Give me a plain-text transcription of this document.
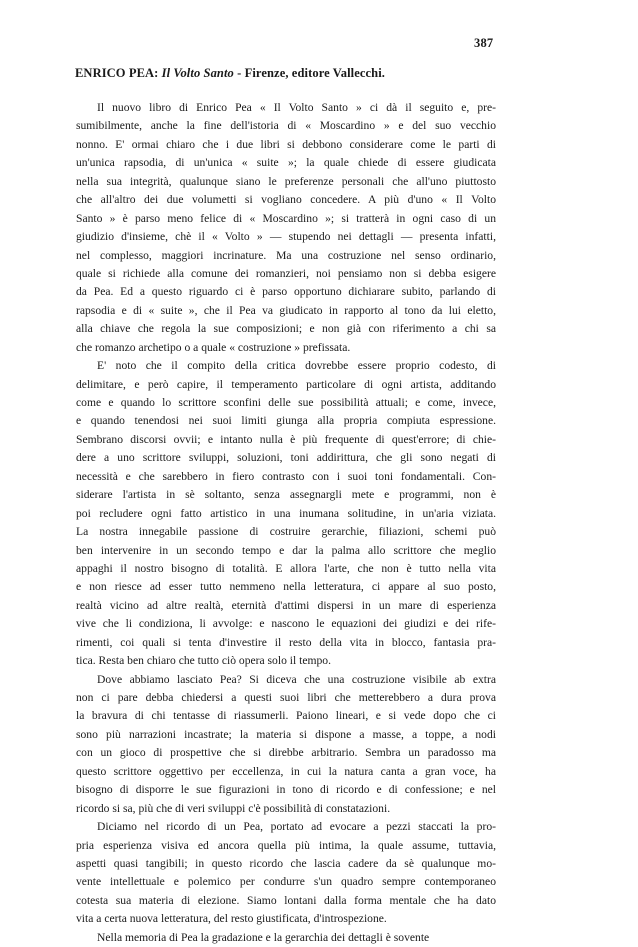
387
ENRICO PEA: Il Volto Santo - Firenze, editore Vallecchi.
Il nuovo libro di Enrico Pea « Il Volto Santo » ci dà il seguito e, pre-
sumibilmente, anche la fine dell'istoria di « Moscardino » e del suo vecchio
nonno. E' ormai chiaro che i due libri si debbono considerare come le parti di
un'unica rapsodia, di un'unica « suite »; la quale chiede di essere giudicata
nella sua integrità, qualunque siano le preferenze personali che all'uno piuttosto
che all'altro dei due volumetti si vogliano concedere. A più d'uno « Il Volto
Santo » è parso meno felice di « Moscardino »; si tratterà in ogni caso di un
giudizio d'insieme, chè il « Volto » — stupendo nei dettagli — presenta infatti,
nel complesso, maggiori incrinature. Ma una costruzione nel senso ordinario,
quale si richiede alla comune dei romanzieri, noi pensiamo non si debba esigere
da Pea. Ed a questo riguardo ci è parso opportuno dichiarare subito, parlando di
rapsodia e di « suite », che il Pea va giudicato in rapporto al tono da lui eletto,
alla chiave che regola la sue composizioni; e non già con riferimento a chi sa
che romanzo archetipo o a quale « costruzione » prefissata.
E' noto che il compito della critica dovrebbe essere proprio codesto, di
delimitare, e però capire, il temperamento particolare di ogni artista, additando
come e quando lo scrittore sconfini delle sue possibilità attuali; e come, invece,
e quando tenendosi nei suoi limiti giunga alla propria compiuta espressione.
Sembrano discorsi ovvii; e intanto nulla è più frequente di quest'errore; di chie-
dere a uno scrittore sviluppi, soluzioni, toni addirittura, che gli sono negati di
necessità e che sarebbero in fiero contrasto con i suoi toni fondamentali. Con-
siderare l'artista in sè soltanto, senza assegnargli mete e programmi, non è
poi recludere ogni fatto artistico in una inumana solitudine, in un'aria viziata.
La nostra innegabile passione di costruire gerarchie, filiazioni, schemi può
ben intervenire in un secondo tempo e dar la palma allo scrittore che meglio
appaghi il nostro bisogno di totalità. E allora l'arte, che non è tutto nella vita
e non riesce ad esser tutto nemmeno nella letteratura, ci appare al suo posto,
realtà vicino ad altre realtà, eternità d'attimi dispersi in un mare di esperienza
vive che li condiziona, li avvolge: e nascono le equazioni dei giudizi e dei rife-
rimenti, coi quali si tenta d'investire il resto della vita in blocco, fantasia pra-
tica. Resta ben chiaro che tutto ciò opera solo il tempo.
Dove abbiamo lasciato Pea? Si diceva che una costruzione visibile ab extra
non ci pare debba chiedersi a questi suoi libri che metterebbero a dura prova
la bravura di chi tentasse di riassumerli. Paiono lineari, e si vede dopo che ci
sono più narrazioni incastrate; la materia si dispone a masse, a toppe, a nodi
con un gioco di prospettive che si direbbe arbitrario. Sembra un paradosso ma
questo scrittore oggettivo per eccellenza, in cui la natura canta a gran voce, ha
bisogno di disporre le sue figurazioni in tono di ricordo e di confessione; e nel
ricordo si sa, più che di veri sviluppi c'è possibilità di constatazioni.
Diciamo nel ricordo di un Pea, portato ad evocare a pezzi staccati la pro-
pria esperienza visiva ed ancora quella più intima, la quale assume, tuttavia,
aspetti quasi tangibili; in questo ricordo che lascia cadere da sè qualunque mo-
vente intellettuale e polemico per condurre s'un quadro sempre contemporaneo
cotesta sua materia di elezione. Siamo lontani dalla forma mentale che ha dato
vita a certa nuova letteratura, del resto giustificata, d'introspezione.
Nella memoria di Pea la gradazione e la gerarchia dei dettagli è sovente
